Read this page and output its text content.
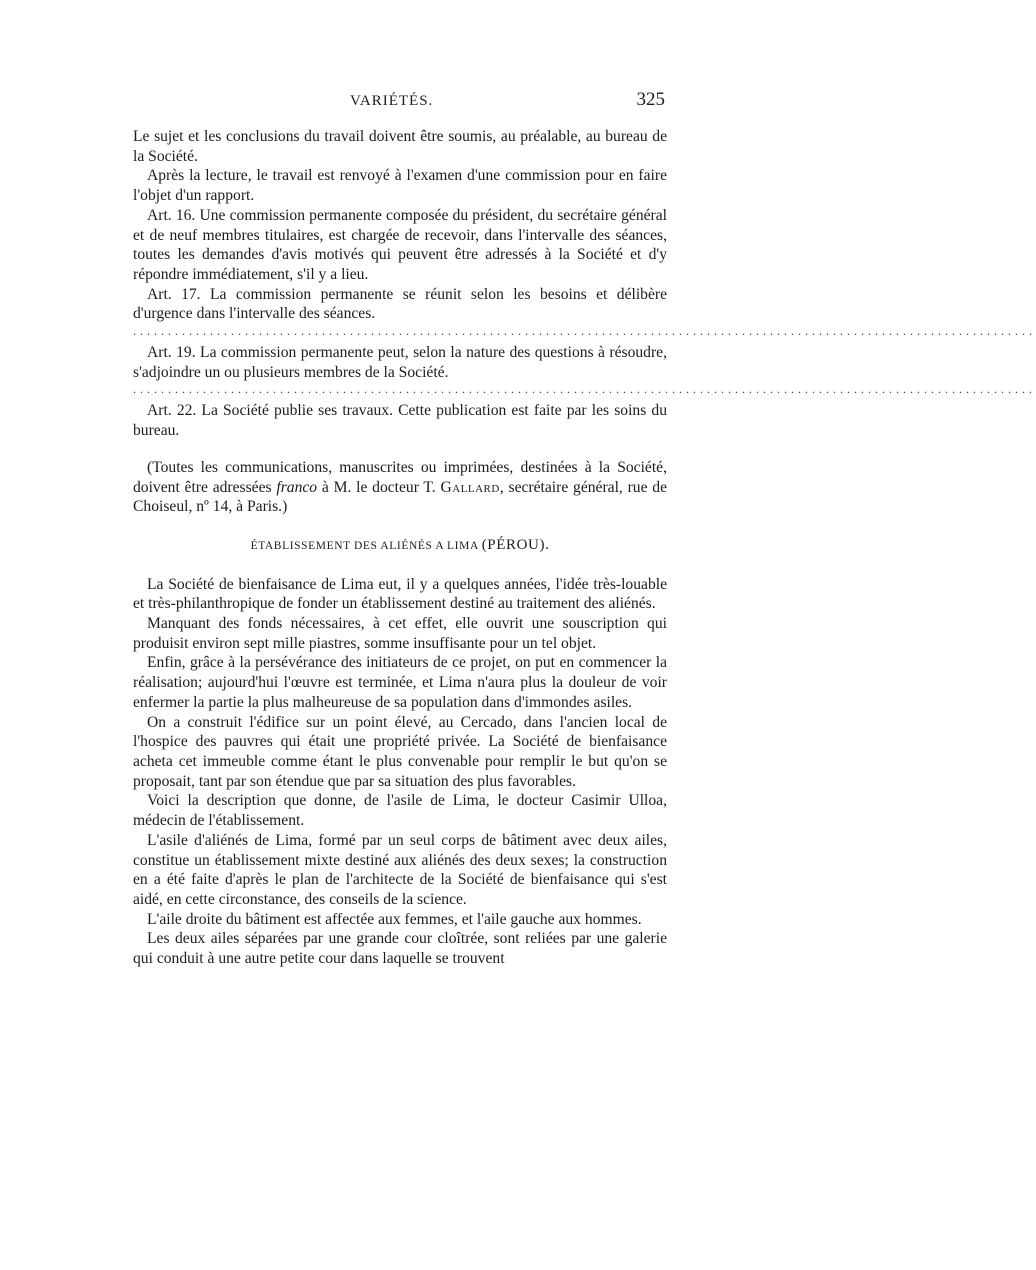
VARIÉTÉS.	325

Le sujet et les conclusions du travail doivent être soumis, au préalable, au bureau de la Société.

Après la lecture, le travail est renvoyé à l'examen d'une commission pour en faire l'objet d'un rapport.

Art. 16. Une commission permanente composée du président, du secrétaire général et de neuf membres titulaires, est chargée de recevoir, dans l'intervalle des séances, toutes les demandes d'avis motivés qui peuvent être adressés à la Société et d'y répondre immédiatement, s'il y a lieu.

Art. 17. La commission permanente se réunit selon les besoins et délibère d'urgence dans l'intervalle des séances.

.................................................................................................................................

Art. 19. La commission permanente peut, selon la nature des questions à résoudre, s'adjoindre un ou plusieurs membres de la Société.

.................................................................................................................................

Art. 22. La Société publie ses travaux. Cette publication est faite par les soins du bureau.

(Toutes les communications, manuscrites ou imprimées, destinées à la Société, doivent être adressées franco à M. le docteur T. Gallard, secrétaire général, rue de Choiseul, nº 14, à Paris.)

ÉTABLISSEMENT DES ALIÉNÉS A LIMA (PÉROU).

La Société de bienfaisance de Lima eut, il y a quelques années, l'idée très-louable et très-philanthropique de fonder un établissement destiné au traitement des aliénés.

Manquant des fonds nécessaires, à cet effet, elle ouvrit une souscription qui produisit environ sept mille piastres, somme insuffisante pour un tel objet.

Enfin, grâce à la persévérance des initiateurs de ce projet, on put en commencer la réalisation; aujourd'hui l'œuvre est terminée, et Lima n'aura plus la douleur de voir enfermer la partie la plus malheureuse de sa population dans d'immondes asiles.

On a construit l'édifice sur un point élevé, au Cercado, dans l'ancien local de l'hospice des pauvres qui était une propriété privée. La Société de bienfaisance acheta cet immeuble comme étant le plus convenable pour remplir le but qu'on se proposait, tant par son étendue que par sa situation des plus favorables.

Voici la description que donne, de l'asile de Lima, le docteur Casimir Ulloa, médecin de l'établissement.

L'asile d'aliénés de Lima, formé par un seul corps de bâtiment avec deux ailes, constitue un établissement mixte destiné aux aliénés des deux sexes; la construction en a été faite d'après le plan de l'architecte de la Société de bienfaisance qui s'est aidé, en cette circonstance, des conseils de la science.

L'aile droite du bâtiment est affectée aux femmes, et l'aile gauche aux hommes.

Les deux ailes séparées par une grande cour cloîtrée, sont reliées par une galerie qui conduit à une autre petite cour dans laquelle se trouvent
